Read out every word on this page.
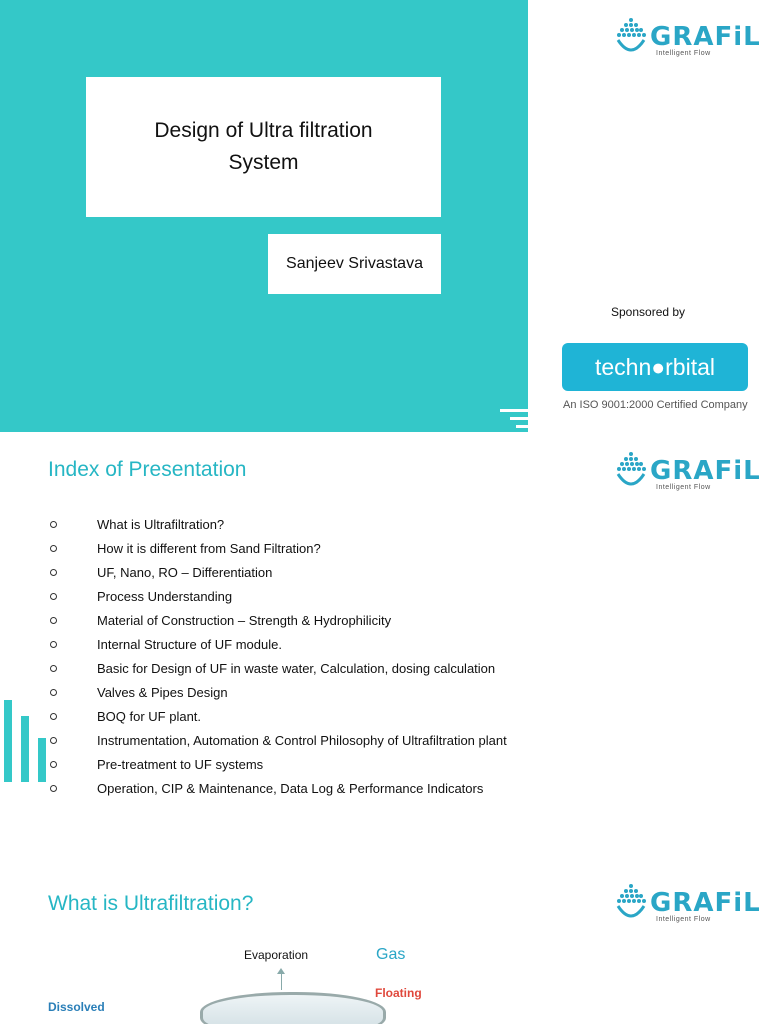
Design of Ultra filtration System
Sanjeev Srivastava
GRAFiL
Intelligent Flow
Sponsored by
techn●rbital
An ISO 9001:2000 Certified Company
Index of Presentation	GRAFiL
Intelligent Flow
What is Ultrafiltration?
How it is different from Sand Filtration?
UF, Nano, RO – Differentiation
Process Understanding
Material of Construction – Strength & Hydrophilicity
Internal Structure of UF module.
Basic for Design of UF in waste water, Calculation, dosing calculation
Valves & Pipes Design
BOQ for UF plant.
Instrumentation, Automation & Control Philosophy of Ultrafiltration plant
Pre-treatment to UF systems
Operation, CIP & Maintenance, Data Log & Performance Indicators
What is Ultrafiltration?	GRAFiL
Intelligent Flow
Evaporation	Gas
Floating
Dissolved
